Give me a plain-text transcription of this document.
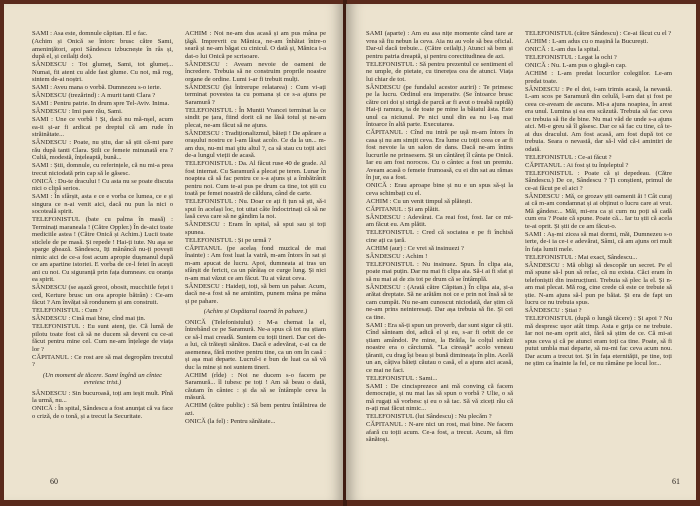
SAMI : Asa este, domnule căpitan. El e fac.

(Achim și Onică se întorc brusc către Sami, amenințători, apoi Sândescu izbucnește în râs și, după el, și ceilalți doi).

SÂNDESCU : Tot glumeț, Sami, tot glumeț... Numai, fii atent cu alde fast glume. Cu noi, mă rog, sintem de-ai noștri.

SAMI : Aveu mana o vorbă. Dumnezeu s-o ierte.

SÂNDESCU (trezărind) : A murit tanti Clara ?

SAMI : Pentru patrie. In drum spre Tel-Aviv. Inima.

SÂNDESCU : Imi pare rău, Sami.

SAMI : Une ce vorbă ! Și, dacă nu mă-nșel, acum ea-ii și-ar fi ardicat pe dreptul că am rude în străinătate...

SÂNDESCU : Poate, nu știu, dar să știi că-mi pare rău după tanti Clara. Știli ce femeie minunată era ? Cultă, modestă, înțeleaptă, bună...

SAMI : Știi, domnule, cu referințele, că nu mi-a prea trecut niciodată prin cap să le găsesc.

ONICĂ : Du-te dracului ! Cu asta nu se poate discuta nici o clipă serios.

SAMI : În sfârșit, asta e ce e vorba ce lumea, ce e și singura ce n-ai venit aici, dacă nu pun la nici o socoteală spirit.

TELEFONISTUL (bate cu palma în masă) : Terminați maraneala ! (Către Oppler.) În de-aici toate mediciile astea ! (Către Onică și Achim.) Lucii toate sticlele de pe masă. Și repede ! Hai-ți iute. Nu aşa se sparge ghează. Sândescu, Iți mănâncă nu-ți povești nimic aici de ce-a fost acum apropie dușmanul după ce am apartine istoriei. E vorba de ce-l fetei în acești ani cu noi. Cu siguranță prin fața dumneav. cu oranța ea spirit.

SÂNDESCU (se așază greoi, obosit, mucchiile feței i ced, Kerture brusc un ora apropie bătrân) : Ce-am făcut ? Am învățat să rondunem și am construit.

TELEFONISTUL : Cum ?

SÂNDESCU : Cină mai bine, cînd mai țin.

TELEFONISTUL : Eu sunt atenț, ție. Că lumă de pilotu toate fost că să ne ducem să deveni cu ce-ai făcut pentru mine cel. Cum ne-am înțelege de viața lor ?

CĂPITANUL : Ce rost are să mai degropăm trecutul ?

(Un moment de tăcere. Sami îngînă un cîntec evreiesc trist.)

SÂNDESCU : Sin bucuroasă, toți am ieșit mult. Pînă la urmă, nu...

ONICĂ : În spital, Sândescu a fost anunțat că va face o criză, de o tonă, și a trecut la Securitate.

ACHIM : Noi ne-am dus acasă și am pus mâna pe țăgă. Imprevrit cu Mănica, ne-am înhătat între-o seară și ne-am băgat cu cinicul. O dată și, Mănica i-a dat-o lui Onică pe scrisoare.

SÂNDESCU : Aveam nevoie de oameni de încredere. Trebuia să ne construim proprile noastre organe de ordine. Lumi i-ar fi trebuit mulți.

SÂNDESCU (își întrerupe relatarea) : Cum vi-ați terminat povestea ta cu pomana și ce s-a ajuns pe Saramură ?

TELEFONISTUL : În Muntii Vrancei terminat la ce sindit pe țara, fiind dorit că ne lăsă totul și ne-am plecat, ne-am făcut să ne ajuns.

SÂNDESCU : Tradiționalizmul, băieți ! De apărare a orașului nostru ce l-am lăsat acolo. Ce da la un... m-am dus, nu-mi mai ştiu altul ?, ca să stau cu toții aici de-a lungul vieții de acasă.

TELEFONISTUL : Da. Al făcut ruse 40 de grade. Al fost internat. Cu Saramură a plecat pe teren. Lunar în noaptea că să fac pentru ce s-a ajuns și a îmbătrânit pentru noi. Cum te-ai pus pe drum ca tine, tot știi cu toată pe femei noastră de căldura, când de carte.

TELEFONISTUL : Nu. Doar ce ați fi țun să ști, să-i spui în același loc, tot uitat câte îndoctrinați că să ne lasă ceva care să ne gândim la noi.

SÂNDESCU : Eram în spital, să spui sau și toți spunea.

TELEFONISTUL : Și pe urmă ?

CĂPITANUL (pe acelaș fond muzical de mai înainte) : Am fost luat la vatră, m-am întors în sat și m-am apucat de lucru. Apoi, dumneata ai tras un sfârșit de fericit, ca un pârâiaș ce curge lung. Și nici n-am mai văzut ce am făcut. Tu ai văzut ceva.

SÂNDESCU : Haideți, toți, să bem un pahar. Acum, dacă ne-a fost să ne amintim, punem mâna pe mâna și pe pahare.

(Achim și Ospătarul toarnă în pahare.)

ONICĂ (Telefonistului) : M-a chemat la el, întrebând ce pe Saramură. Ne-a spus că tot nu știam ce să-l mai creadă. Suntem cu toții tineri. Dar cei de-a lui, că trăiești sănătos. Dacă e adevărat, c-ai ca de asemenea, fără motive pentru tine, ca un om în casă : și așa mai departe. Lucrul-i e bun de luat ca să vă duc la mine și noi suntem tineri.

ACHIM (rîde) : Noi ne ducem s-o facem pe Saramură... îl iubesc pe toți ! Am să beau o dată, căutam în cântec : și da să se întâmple ceva la măsură.

ACHIM (către public) : Să bem pentru întâlnirea de azi.

ONICĂ (la fel) : Pentru sănătate...

60

SAMI (aparte) : Am eu asa nițe momente când tare ar vrea să fiu nebun la ceva. Aia nu au vole să bea oficial. Dar-ul dacă trebuie... (Către ceilalți.) Atunci să bem și pentru patria dreaptă, și pentru corectitudinea de azi.

TELEFONISTUL : Să pentru prezentul ce sentiment el ne umple, de pietate, cu tinerețea cea de atunci. Viața lui chiar de tot.

SÂNDESCU (pe fundalul acestor auriri) : Te primesc pe la lucru. Ordinul era imperativ. (Se întoarce brusc către cei doi și strigă de parcă ar fi avut o treabă rapidă) Hai-ți ramura, ia de toate pe mine la băiatul ăsta. Este unul ca niciunul. Pe nici unul din ea nu l-aș mai întoarce în altă parte. Executarea.

CĂPITANUL : Cînd nu intră pe ușă m-am întors în casa și nu am simțit ceva. Era lume cu toții ceea ce ar fi fost nevoie la un salon de dans. Dacă ne-am întins lucrurile ne prinsesem. Și un cântăreț îl cânta pe Onică. Iar eu am fost norocos. Cu o cântec a fost un premiu. Aveam acasă o femeie frumoasă, cu ei din sat au rămas în jur, ea a fost.

ONICĂ : Erau aproape bine și nu e un spus să-și la ceva schimbați cu el.

ACHIM : Cu un venit timpul să plătești.

CĂPITANUL : Și am plătit.

SÂNDESCU : Adevărat. Ca reai fost, fost. Iar ce mi-am făcut eu. Am plătit.

TELEFONISTUL : Cred că sociatea e pe fi închisă cine ați ca țară.

ACHIM (aur) : Ce vrei să insinuezi ?

SÂNDESCU : Achim !

TELEFONISTUL : Nu insinuez. Spun. În clipa aia, poate mai puțin. Dar nu mai fi clipa aia. Să-i ai fi sfat și să nu mai ai de zis tot pe drum că se întâmplă.

SÂNDESCU : (Arată către Căpitan.) În clipa aia, și-a arătat dreptate. Să ne arătăm noi ce e prin noi însă să te cam cumpăt. Nu ne-am cunoscut niciodată, dar știm că ne-am prins neinteresați. Dar așa trebuia să fie. Și cei ca tine.

SAMI : Era să-ți spun un proverb, dar sunt sigur că știi. Cînd sânteam doi, adică el și eu, s-ar fi orbit de ce știam amândoi. Pe mine, la Brăila, la colțul străzii noastre era o cârciumă. ”La cireașă” acolo veneau țăranii, cu drag își beau și bună dimineața în plin. Acelă un an, câțiva băieți căutau o casă, el a ajuns aici acasă, ce mai ne faci.

TELEFONISTUL : Sami...

SAMI : De cincisprezece ani mă conving că facem democrație, și nu mai las să spun o vorbă ? Ulie, o să mă rugați să vorbesc și eu o să tac. Să vă ziceți rău că n-ați mai făcut nimic...

TELEFONISTUL (lui Sândescu) : Nu plecăm ?

CĂPITANUL : N-are nici un rost, mai bine. Ne facem afară cu toții acum. Ce-a fost, a trecut. Acum, să fim sănătoși.

TELEFONISTUL (către Sândescu) : Ce-ai făcut cu el ?

ACHIM : L-am adus cu o mașină la București.

ONICĂ : L-am dus la spital.

TELEFONISTUL : Legat la ochi ?

ONICĂ : Nu. L-am pus o glugă-n cap.

ACHIM : L-am predat locurilor colegiilor. Le-am predat toate.

SÂNDESCU : Pe el doi, i-am trimis acasă, la nevastă. L-am scos pe Saramură din celulă, l-am dat și fost pe ceea ce-aveam de ascuns. Mi-a ajuns noaptea, în arest era unul. Lumina și ea era scăzută. Trebuia să fac ceva ce trebuia să fie de bine. Nu mai văd de unde s-a ajuns aici. Mi-e greu să îl găsesc. Dar ce să fac cu tine, că te-ai dus dracului. Am fost acasă, am fost după tot ce trebuia. Seara o nevastă, dar să-l văd că-i amintiri de odată.

TELEFONISTUL : Ce-ai făcut ?

CĂPITANUL : Ai fost și tu înțeleptul ?

TELEFONISTUL : Poate că și depedeau. (Către Sândescu.) De ce, Sândescu ? Ți conștient, primul de ce-ai făcut pe el aici ?

SÂNDESCU : Mă, ce grozav știi oamenii ăi ! Cât curaj ai că m-am condamnat și ai obținut o lucru care ai vrut. Mă gândesc... Măi, mi-era ca și cum nu poți să cadă cum era ? Poate că spune. Poate că... Iar tu știi că acela te-ai oprit. Și știi de ce am făcut-o.

SAMI : Aș-mi zicea să mai dormi, măi, Dumnezeu s-o ierte, de-i ia ce-i e adevărat, Sâmi, că am ajuns ori mult în fața lumii mele.

TELEFONISTUL : Mai exact, Sândescu...

SÂNDESCU : Mă obligi să descopăr un secret. Pe el mă spune să-l pun să refac, că nu exista. Căci eram în telefoniștii din instrucțiuni. Trebuia să plec la el. Și n-am mai plecat. Mă rog, cine crede că este ce trebuie să știe. N-am ajuns să-l pun pe băiat. Și era de fapt un lucru ce nu trebuia spus.

SÂNDESCU : Știai ?

TELEFONISTUL (după o lungă tăcere) : Și apoi ? Nu mă despresc ușor atât timp. Asta e grija ce ne trebuie. Iar noi ne-am oprit aici, fără să știm de ce. Că mi-ai spus ceva și că pe atunci eram toți ca tine. Poate, să fi putut umbla mai departe, să nu-mi fac ceva acum nou. Dar acum a trecut tot. Și în fața eternității, pe tine, toți ne știm ca înainte la fel, ce nu rămâne pe locul lor...

61
